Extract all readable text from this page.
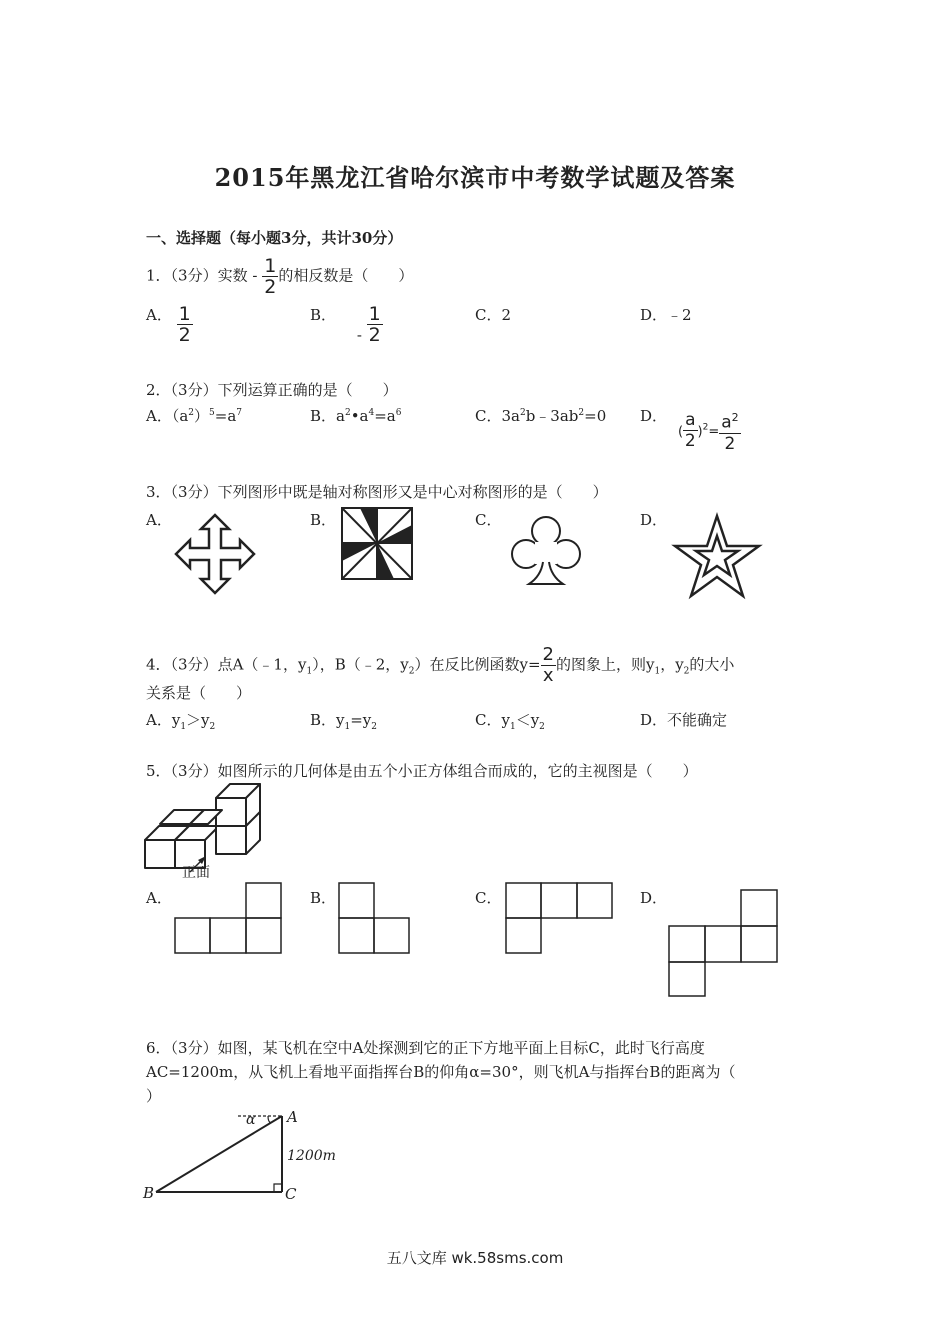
2015年黑龙江省哈尔滨市中考数学试题及答案
一、选择题（每小题3分，共计30分）
1．（3分）实数 - $\frac{1}{2}$ 的相反数是（　　）
A． $\frac{1}{2}$	B． - $\frac{1}{2}$	C．2	D．﹣2
2．（3分）下列运算正确的是（　　）
A．$(a^2)^5=a^7$	B．$a^2•a^4=a^6$	C．$3a^2b﹣3ab^2=0$ D．
( $\frac{a}{2} )^2= \frac{a^2}{2}$
3．（3分）下列图形中既是轴对称图形又是中心对称图形的是（　　）
A．	B．	C．	D．
4．（3分）点A（﹣1，$y_1$），B（﹣2，$y_2$）在反比例函数$y= \frac{2}{x}$ 的图象上，则$y_1$，$y_2$的大小
关系是（　　）
A．$y_1>y_2$	B．$y_1=y_2$	C．$y_1<y_2$	D．不能确定
5．（3分）如图所示的几何体是由五个小正方体组合而成的，它的主视图是（　　）
正面
A．	B．	C．	D．
6．（3分）如图，某飞机在空中A处探测到它的正下方地平面上目标C，此时飞行高度
AC=1200m，从飞机上看地平面指挥台B的仰角α=30°，则飞机A与指挥台B的距离为（
）
α A
1200m
B	C
五八文库 wk.58sms.com
